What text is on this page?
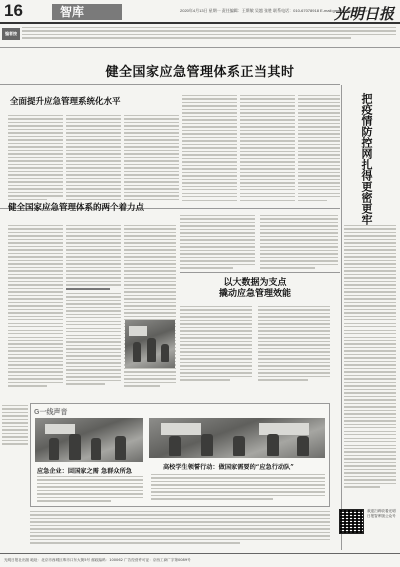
16	智库	2020年4月13日 星期一 责任编辑：王斯敏 吴越 张胜 联系电话：010-67078918 E-mail:gmrbzhiku@gmw.cn
光明日报
编者按
健全国家应急管理体系正当其时
全面提升应急管理系统化水平	把疫情防控网扎得更密更牢
健全国家应急管理体系的两个着力点
以大数据为支点
撬动应急管理效能
G一线声音
应急企业：回国家之需 急群众所急
高校学生领誓行动：做国家需要的“应急行动队”
欢迎扫码收看光明日报智库版公众号
光明日报社出版 地址：北京市西城区珠市口东大街5号 邮政编码：100062 广告经营许可证：京西工商广字第0089号
